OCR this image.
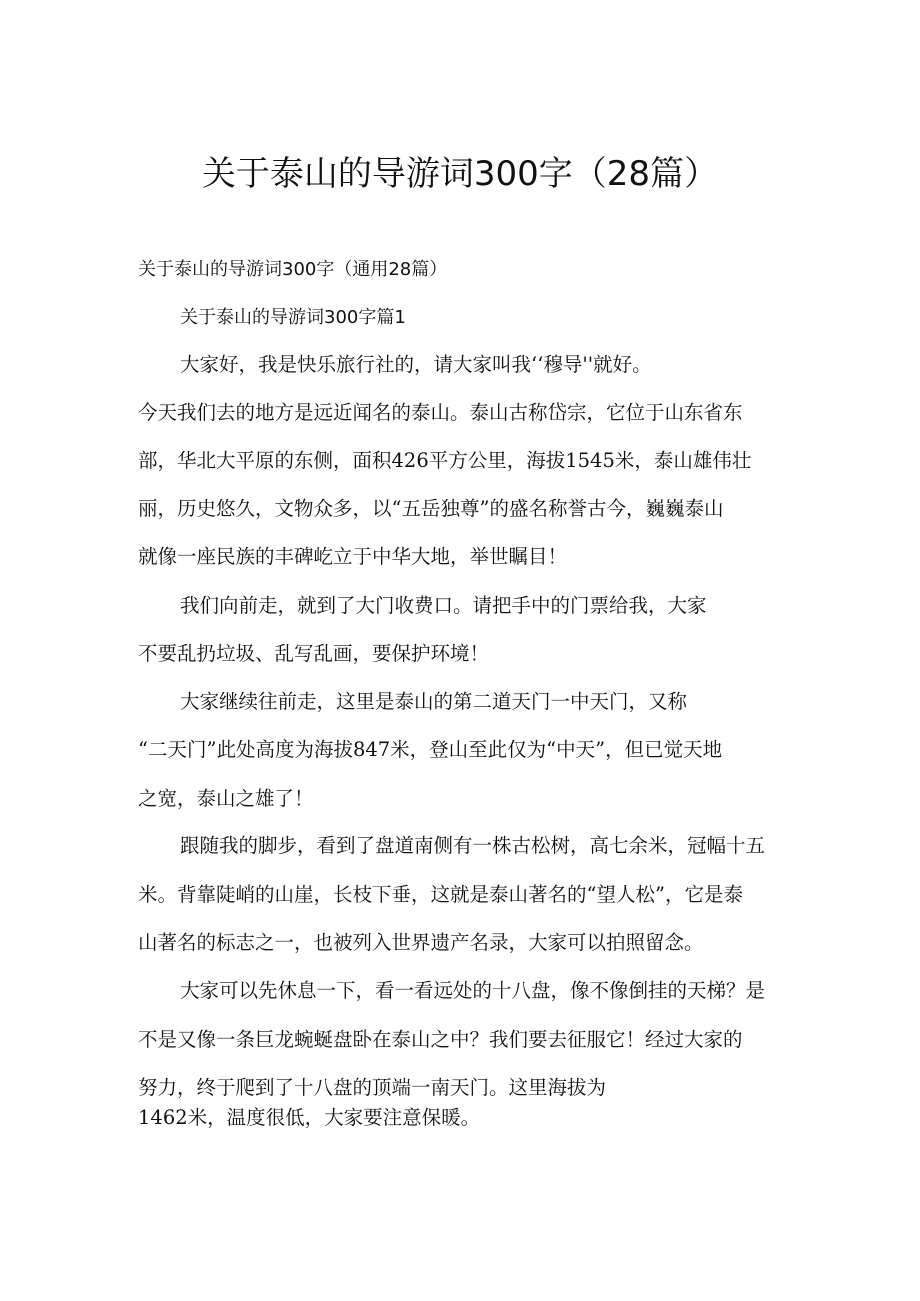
关于泰山的导游词300字（28篇）
关于泰山的导游词300字（通用28篇）
关于泰山的导游词300字篇1
大家好，我是快乐旅行社的，请大家叫我‘‘穆导''就好。
今天我们去的地方是远近闻名的泰山。泰山古称岱宗，它位于山东省东
部，华北大平原的东侧，面积426平方公里，海拔1545米，泰山雄伟壮
丽，历史悠久，文物众多，以“五岳独尊”的盛名称誉古今，巍巍泰山
就像一座民族的丰碑屹立于中华大地，举世瞩目！
我们向前走，就到了大门收费口。请把手中的门票给我，大家
不要乱扔垃圾、乱写乱画，要保护环境！
大家继续往前走，这里是泰山的第二道天门一中天门，又称
“二天门”此处高度为海拔847米，登山至此仅为“中天”，但已觉天地
之宽，泰山之雄了！
跟随我的脚步，看到了盘道南侧有一株古松树，高七余米，冠幅十五
米。背靠陡峭的山崖，长枝下垂，这就是泰山著名的“望人松”，它是泰
山著名的标志之一，也被列入世界遗产名录，大家可以拍照留念。
大家可以先休息一下，看一看远处的十八盘，像不像倒挂的天梯？是
不是又像一条巨龙蜿蜒盘卧在泰山之中？我们要去征服它！经过大家的
努力，终于爬到了十八盘的顶端一南天门。这里海拔为
1462米，温度很低，大家要注意保暖。
